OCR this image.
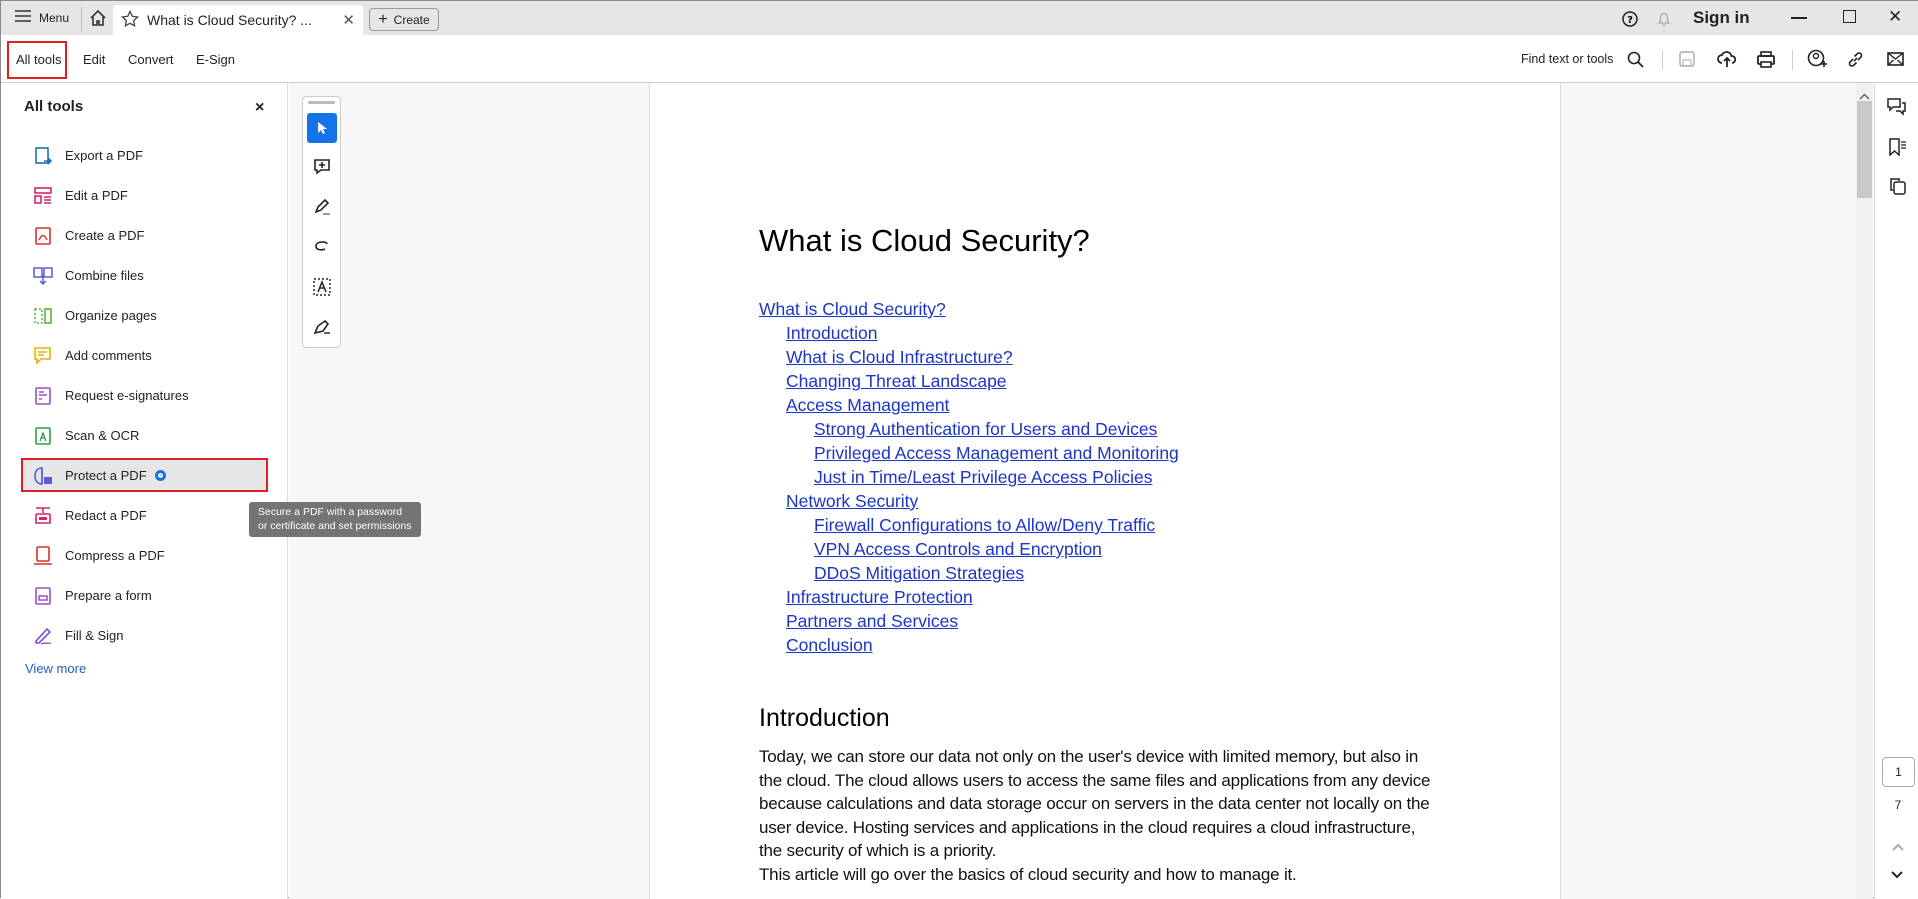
Menu	What is Cloud Security? ...	✕ + Create	?	Sign in	✕
All tools Edit Convert E-Sign	Find text or tools
All tools	×
Export a PDF
Edit a PDF
Create a PDF
Combine files
Organize pages
Add comments
Request e-signatures
Scan & OCR
Protect a PDF
Redact a PDF
Compress a PDF
Prepare a form
Fill & Sign
View more
What is Cloud Security?
What is Cloud Security?
Introduction
What is Cloud Infrastructure?
Changing Threat Landscape
Access Management
Strong Authentication for Users and Devices
Privileged Access Management and Monitoring
Just in Time/Least Privilege Access Policies
Network Security
Firewall Configurations to Allow/Deny Traffic
VPN Access Controls and Encryption
DDoS Mitigation Strategies
Infrastructure Protection
Partners and Services
Conclusion
Introduction
Today, we can store our data not only on the user's device with limited memory, but also in
the cloud. The cloud allows users to access the same files and applications from any device
because calculations and data storage occur on servers in the data center not locally on the
user device. Hosting services and applications in the cloud requires a cloud infrastructure,
the security of which is a priority.
This article will go over the basics of cloud security and how to manage it.
Secure a PDF with a password or certificate and set permissions
1
7
